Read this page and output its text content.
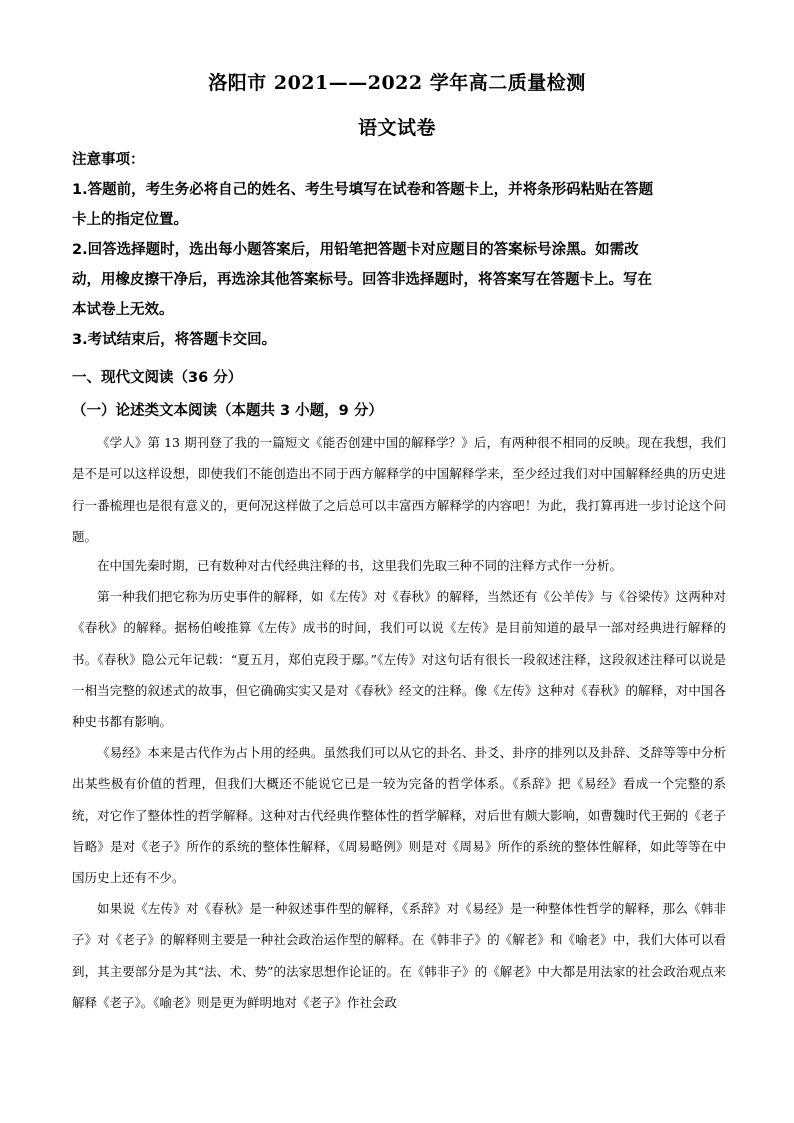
洛阳市 2021——2022 学年高二质量检测
语文试卷
注意事项：
1.答题前，考生务必将自己的姓名、考生号填写在试卷和答题卡上，并将条形码粘贴在答题
卡上的指定位置。
2.回答选择题时，选出每小题答案后，用铅笔把答题卡对应题目的答案标号涂黑。如需改
动，用橡皮擦干净后，再选涂其他答案标号。回答非选择题时，将答案写在答题卡上。写在
本试卷上无效。
3.考试结束后，将答题卡交回。
一、现代文阅读（36 分）
（一）论述类文本阅读（本题共 3 小题，9 分）
《学人》第 13 期刊登了我的一篇短文《能否创建中国的解释学？》后，有两种很不相同的反映。现在我想，我们是不是可以这样设想，即使我们不能创造出不同于西方解释学的中国解释学来，至少经过我们对中国解释经典的历史进行一番梳理也是很有意义的，更何况这样做了之后总可以丰富西方解释学的内容吧！为此，我打算再进一步讨论这个问题。
在中国先秦时期，已有数种对古代经典注释的书，这里我们先取三种不同的注释方式作一分析。
第一种我们把它称为历史事件的解释，如《左传》对《春秋》的解释，当然还有《公羊传》与《谷梁传》这两种对《春秋》的解释。据杨伯峻推算《左传》成书的时间，我们可以说《左传》是目前知道的最早一部对经典进行解释的书。《春秋》隐公元年记载：“夏五月，郑伯克段于鄢。”《左传》对这句话有很长一段叙述注释，这段叙述注释可以说是一相当完整的叙述式的故事，但它确确实实又是对《春秋》经文的注释。像《左传》这种对《春秋》的解释，对中国各种史书都有影响。
《易经》本来是古代作为占卜用的经典。虽然我们可以从它的卦名、卦爻、卦序的排列以及卦辞、爻辞等等中分析出某些极有价值的哲理，但我们大概还不能说它已是一较为完备的哲学体系。《系辞》把《易经》看成一个完整的系统，对它作了整体性的哲学解释。这种对古代经典作整体性的哲学解释，对后世有颇大影响，如曹魏时代王弼的《老子旨略》是对《老子》所作的系统的整体性解释，《周易略例》则是对《周易》所作的系统的整体性解释，如此等等在中国历史上还有不少。
如果说《左传》对《春秋》是一种叙述事件型的解释，《系辞》对《易经》是一种整体性哲学的解释，那么《韩非子》对《老子》的解释则主要是一种社会政治运作型的解释。在《韩非子》的《解老》和《喻老》中，我们大体可以看到，其主要部分是为其“法、术、势”的法家思想作论证的。在《韩非子》的《解老》中大都是用法家的社会政治观点来解释《老子》。《喻老》则是更为鲜明地对《老子》作社会政
